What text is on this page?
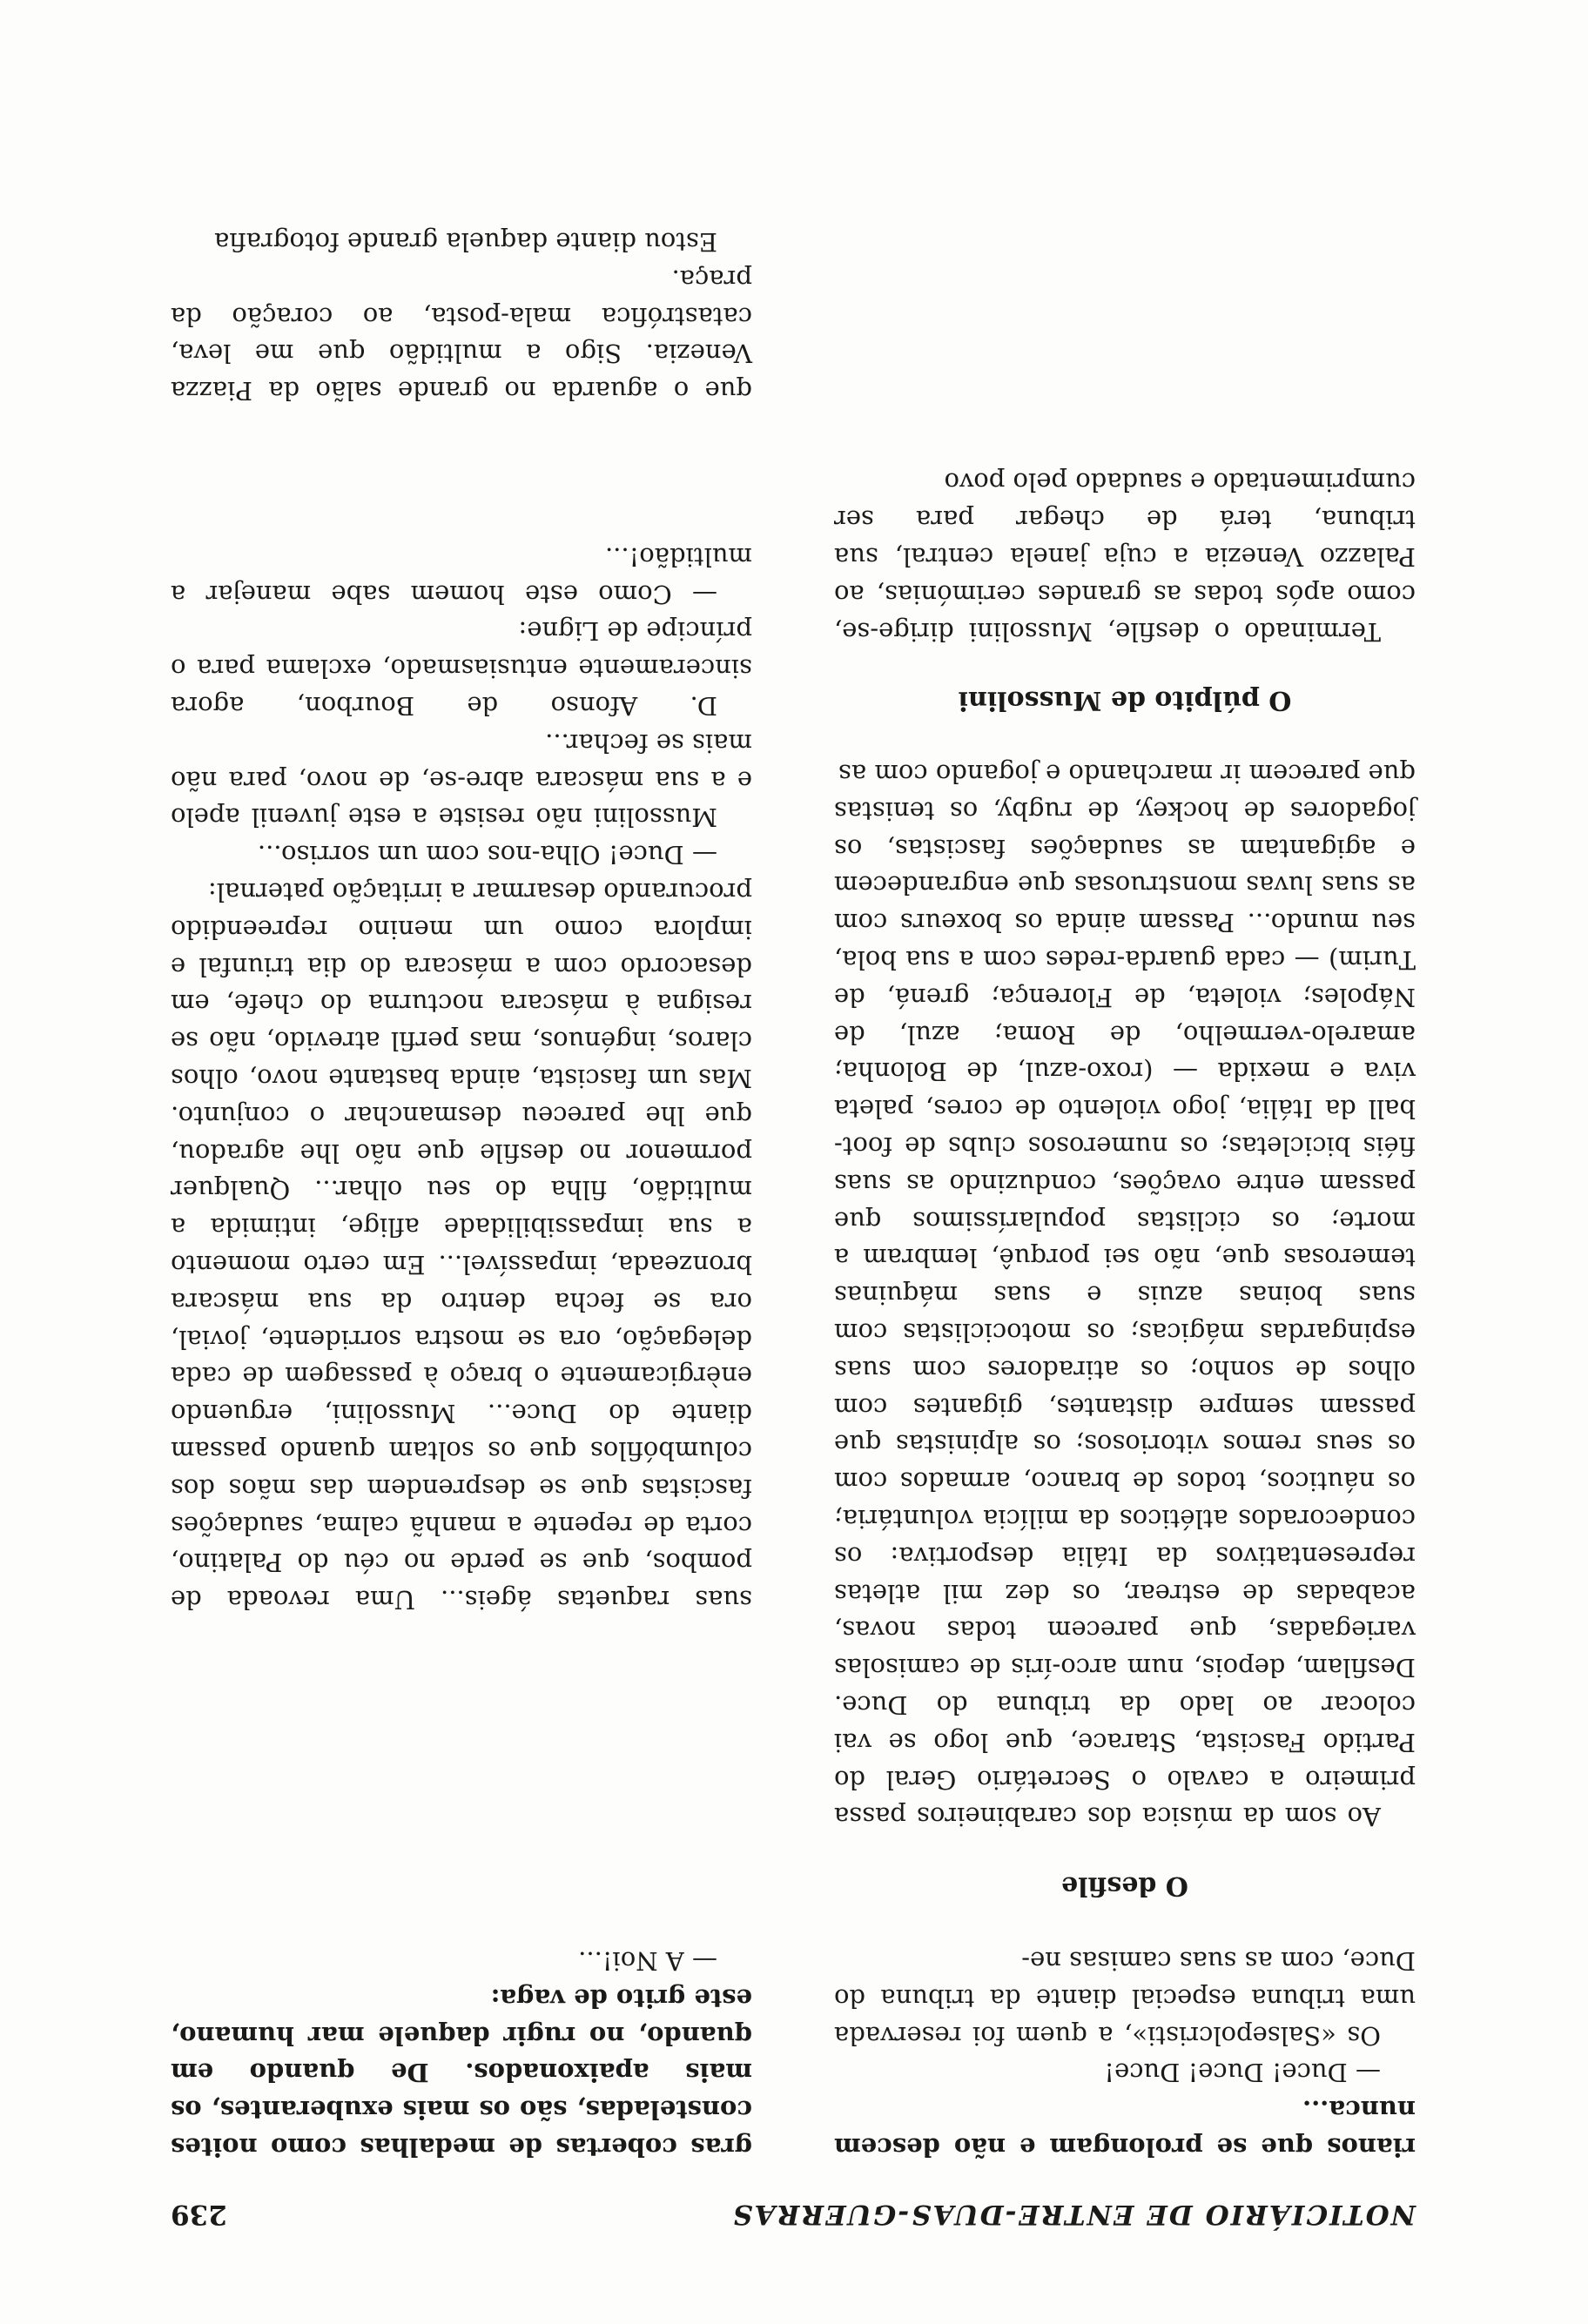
NOTICIÁRIO DE ENTRE-DUAS-GUERRAS
239

rianos que se prolongam e não descem nunca...

— Duce! Duce! Duce!

Os «Salsepolcristi», a quem foi reservada uma tribuna especial diante da tribuna do Duce, com as suas camisas ne-

O desfile

Ao som da música dos carabineiros passa primeiro a cavalo o Secretário Geral do Partido Fascista, Starace, que logo se vai colocar ao lado da tribuna do Duce. Desfilam, depois, num arco-íris de camisolas variegadas, que parecem todas novas, acabadas de estrear, os dez mil atletas representativos da Itália desportiva: os condecorados atléticos da milícia voluntária; os náuticos, todos de branco, armados com os seus remos vitoriosos; os alpinistas que passam sempre distantes, gigantes com olhos de sonho; os atiradores com suas espingardas mágicas; os motociclistas com suas boinas azuis e suas máquinas temerosas que, não sei porquê, lembram a morte; os ciclistas popularíssimos que passam entre ovações, conduzindo as suas fiéis bicicletas; os numerosos clubs de foot-ball da Itália, jogo violento de cores, paleta viva e mexida — (roxo-azul, de Bolonha; amarelo-vermelho, de Roma; azul, de Nápoles; violeta, de Florença; grená, de Turim) — cada guarda-redes com a sua bola, seu mundo... Passam ainda os boxeurs com as suas luvas monstruosas que engrandecem e agigantam as saudações fascistas, os jogadores de hockey, de rugby, os tenistas que parecem ir marchando e jogando com as

O púlpito de Mussolini

Terminado o desfile, Mussolini dirige-se, como após todas as grandes cerimónias, ao Palazzo Venezia a cuja janela central, sua tribuna, terá de chegar para ser cumprimentado e saudado pelo povo

gras cobertas de medalhas como noites consteladas, são os mais exuberantes, os mais apaixonados. De quando em quando, no rugir daquele mar humano, este grito de vaga:

— A Noi!...

suas raquetas ágeis... Uma revoada de pombos, que se perde no céu do Palatino, corta de repente a manhã calma, saudações fascistas que se desprendem das mãos dos columbófilos que os soltam quando passam diante do Duce... Mussolini, erguendo enèrgicamente o braço à passagem de cada delegação, ora se mostra sorridente, jovial, ora se fecha dentro da sua máscara bronzeada, impassível... Em certo momento a sua impassibilidade aflige, intimida a multidão, filha do seu olhar... Qualquer pormenor no desfile que não lhe agradou, que lhe pareceu desmanchar o conjunto. Mas um fascista, ainda bastante novo, olhos claros, ingénuos, mas perfil atrevido, não se resigna à máscara nocturna do chefe, em desacordo com a máscara do dia triunfal e implora como um menino repreendido procurando desarmar a irritação paternal:

— Duce! Olha-nos com um sorriso...

Mussolini não resiste a este juvenil apelo e a sua máscara abre-se, de novo, para não mais se fechar...

D. Afonso de Bourbon, agora sinceramente entusiasmado, exclama para o príncipe de Ligne:

— Como este homem sabe manejar a multidão!...

que o aguarda no grande salão da Piazza Venezia. Sigo a multidão que me leva, catastrófica mala-posta, ao coração da praça.

Estou diante daquela grande fotografia
